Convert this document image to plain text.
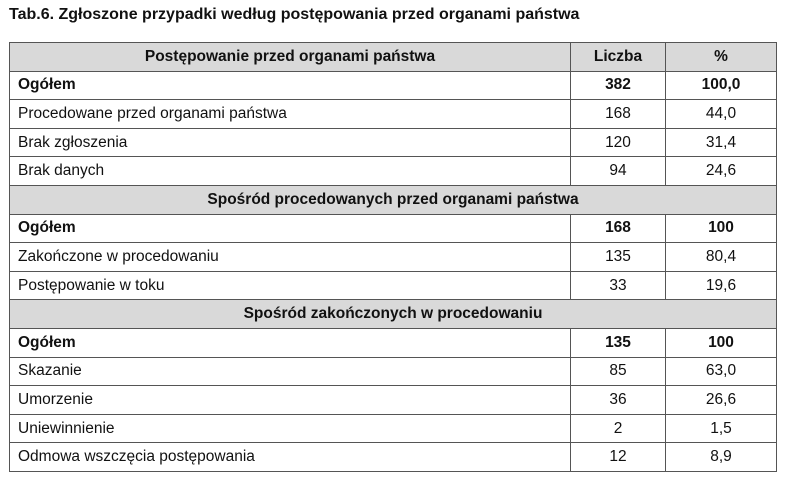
Tab.6. Zgłoszone przypadki według postępowania przed organami państwa
Postępowanie przed organami państwa	Liczba	%
Ogółem	382	100,0
Procedowane przed organami państwa	168	44,0
Brak zgłoszenia	120	31,4
Brak danych	94	24,6
Spośród procedowanych przed organami państwa		
Ogółem	168	100
Zakończone w procedowaniu	135	80,4
Postępowanie w toku	33	19,6
Spośród zakończonych w procedowaniu		
Ogółem	135	100
Skazanie	85	63,0
Umorzenie	36	26,6
Uniewinnienie	2	1,5
Odmowa wszczęcia postępowania	12	8,9
